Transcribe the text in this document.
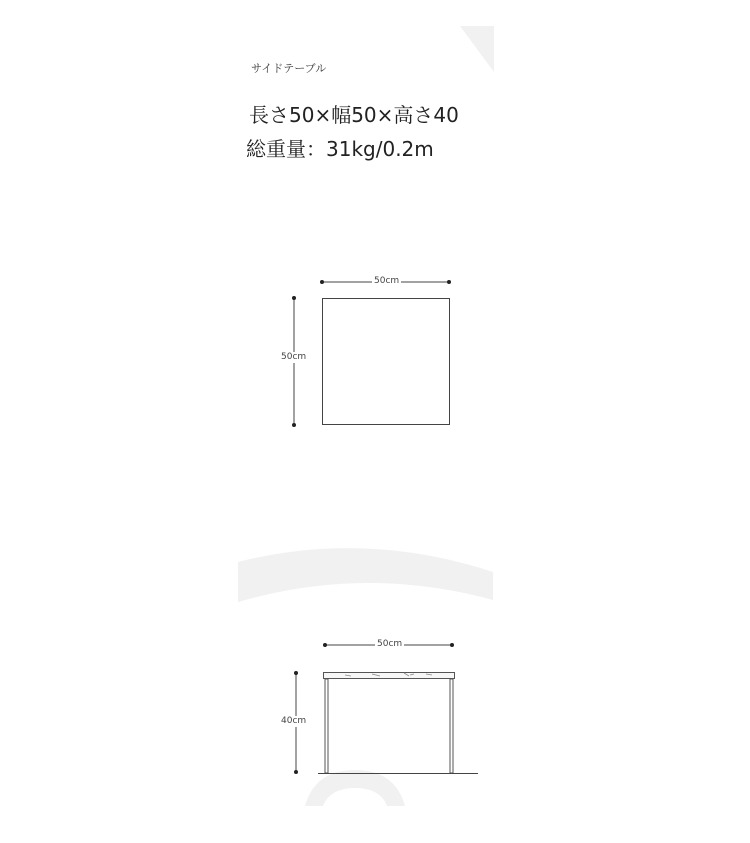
サイドテーブル
長さ50×幅50×高さ40
総重量：31kg/0.2m
50cm
50cm
50cm
40cm
